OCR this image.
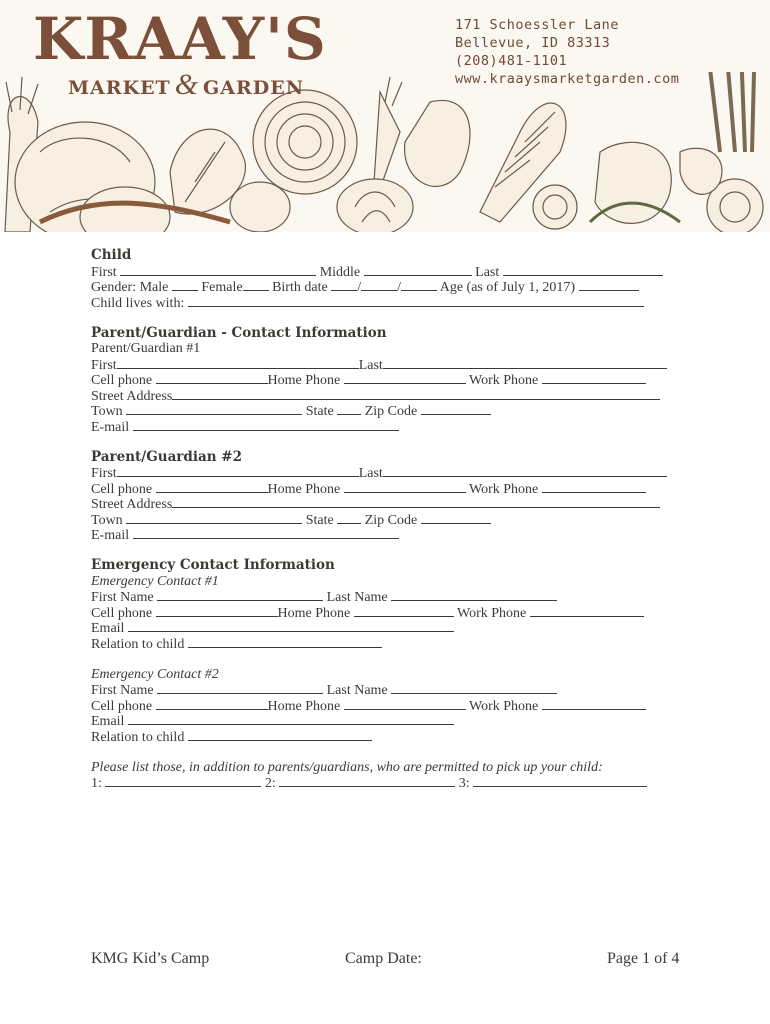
KRAAY'S
MARKET & GARDEN
171 Schoessler Lane
Bellevue, ID 83313
(208)481-1101
www.kraaysmarketgarden.com
Child
First	Middle	Last
Gender: Male Female Birth date /	/	Age (as of July 1, 2017)
Child lives with:
Parent/Guardian - Contact Information
Parent/Guardian #1
First	Last
Cell phone	Home Phone	Work Phone
Street Address
Town	State Zip Code
E-mail
Parent/Guardian #2
First	Last
Cell phone	Home Phone	Work Phone
Street Address
Town	State Zip Code
E-mail
Emergency Contact Information
Emergency Contact #1
First Name	Last Name
Cell phone	Home Phone	Work Phone
Email
Relation to child
Emergency Contact #2
First Name	Last Name
Cell phone	Home Phone	Work Phone
Email
Relation to child
Please list those, in addition to parents/guardians, who are permitted to pick up your child:
1:	2:	3:
KMG Kid’s Camp	Camp Date:	Page 1 of 4
